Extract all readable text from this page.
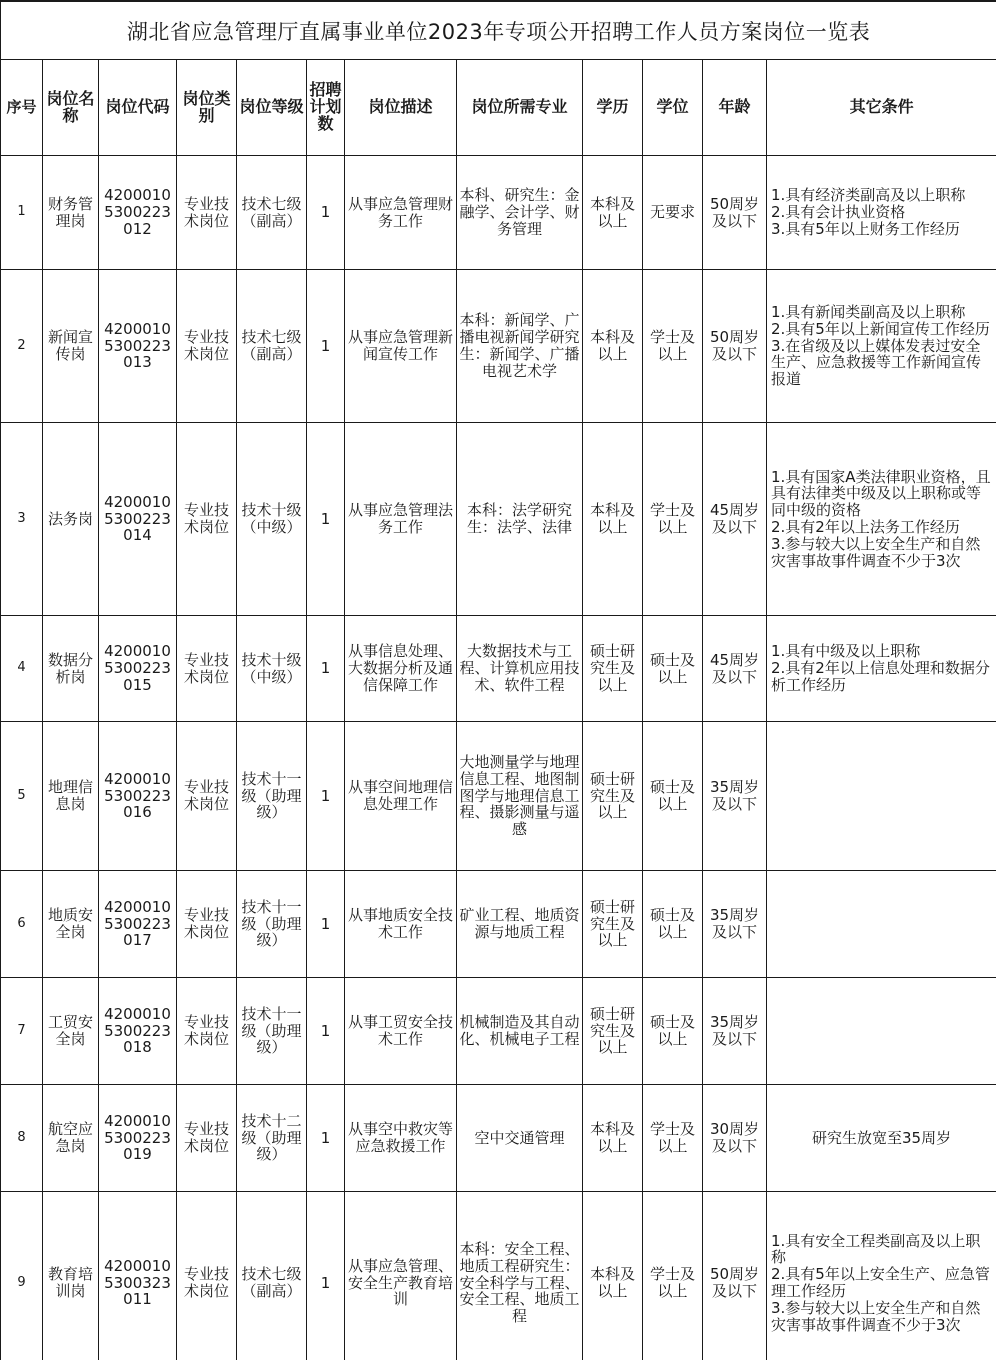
湖北省应急管理厅直属事业单位2023年专项公开招聘工作人员方案岗位一览表											
序号	岗位名称	岗位代码	岗位类别	岗位等级	招聘计划数	岗位描述	岗位所需专业	学历	学位	年龄	其它条件
1	财务管理岗	42000105300223012	专业技术岗位	技术七级（副高）	1	从事应急管理财务工作	本科、研究生：金融学、会计学、财务管理	本科及以上	无要求	50周岁及以下	1.具有经济类副高及以上职称
2.具有会计执业资格
3.具有5年以上财务工作经历

2	新闻宣传岗	42000105300223013	专业技术岗位	技术七级（副高）	1	从事应急管理新闻宣传工作	本科：新闻学、广播电视新闻学研究生：新闻学、广播电视艺术学	本科及以上	学士及以上	50周岁及以下	1.具有新闻类副高及以上职称
2.具有5年以上新闻宣传工作经历
3.在省级及以上媒体发表过安全生产、应急救援等工作新闻宣传报道

3	法务岗	42000105300223014	专业技术岗位	技术十级（中级）	1	从事应急管理法务工作	本科：法学研究生：法学、法律	本科及以上	学士及以上	45周岁及以下	1.具有国家A类法律职业资格，且具有法律类中级及以上职称或等同中级的资格
2.具有2年以上法务工作经历
3.参与较大以上安全生产和自然灾害事故事件调查不少于3次

4	数据分析岗	42000105300223015	专业技术岗位	技术十级（中级）	1	从事信息处理、大数据分析及通信保障工作	大数据技术与工程、计算机应用技术、软件工程	硕士研究生及以上	硕士及以上	45周岁及以下	1.具有中级及以上职称
2.具有2年以上信息处理和数据分析工作经历

5	地理信息岗	42000105300223016	专业技术岗位	技术十一级（助理级）	1	从事空间地理信息处理工作	大地测量学与地理信息工程、地图制图学与地理信息工程、摄影测量与遥感	硕士研究生及以上	硕士及以上	35周岁及以下	
6	地质安全岗	42000105300223017	专业技术岗位	技术十一级（助理级）	1	从事地质安全技术工作	矿业工程、地质资源与地质工程	硕士研究生及以上	硕士及以上	35周岁及以下	
7	工贸安全岗	42000105300223018	专业技术岗位	技术十一级（助理级）	1	从事工贸安全技术工作	机械制造及其自动化、机械电子工程	硕士研究生及以上	硕士及以上	35周岁及以下	
8	航空应急岗	42000105300223019	专业技术岗位	技术十二级（助理级）	1	从事空中救灾等应急救援工作	空中交通管理	本科及以上	学士及以上	30周岁及以下	研究生放宽至35周岁

9	教育培训岗	42000105300323011	专业技术岗位	技术七级（副高）	1	从事应急管理、安全生产教育培训	本科：安全工程、地质工程研究生：安全科学与工程、安全工程、地质工程	本科及以上	学士及以上	50周岁及以下	1.具有安全工程类副高及以上职称
2.具有5年以上安全生产、应急管理工作经历
3.参与较大以上安全生产和自然灾害事故事件调查不少于3次
